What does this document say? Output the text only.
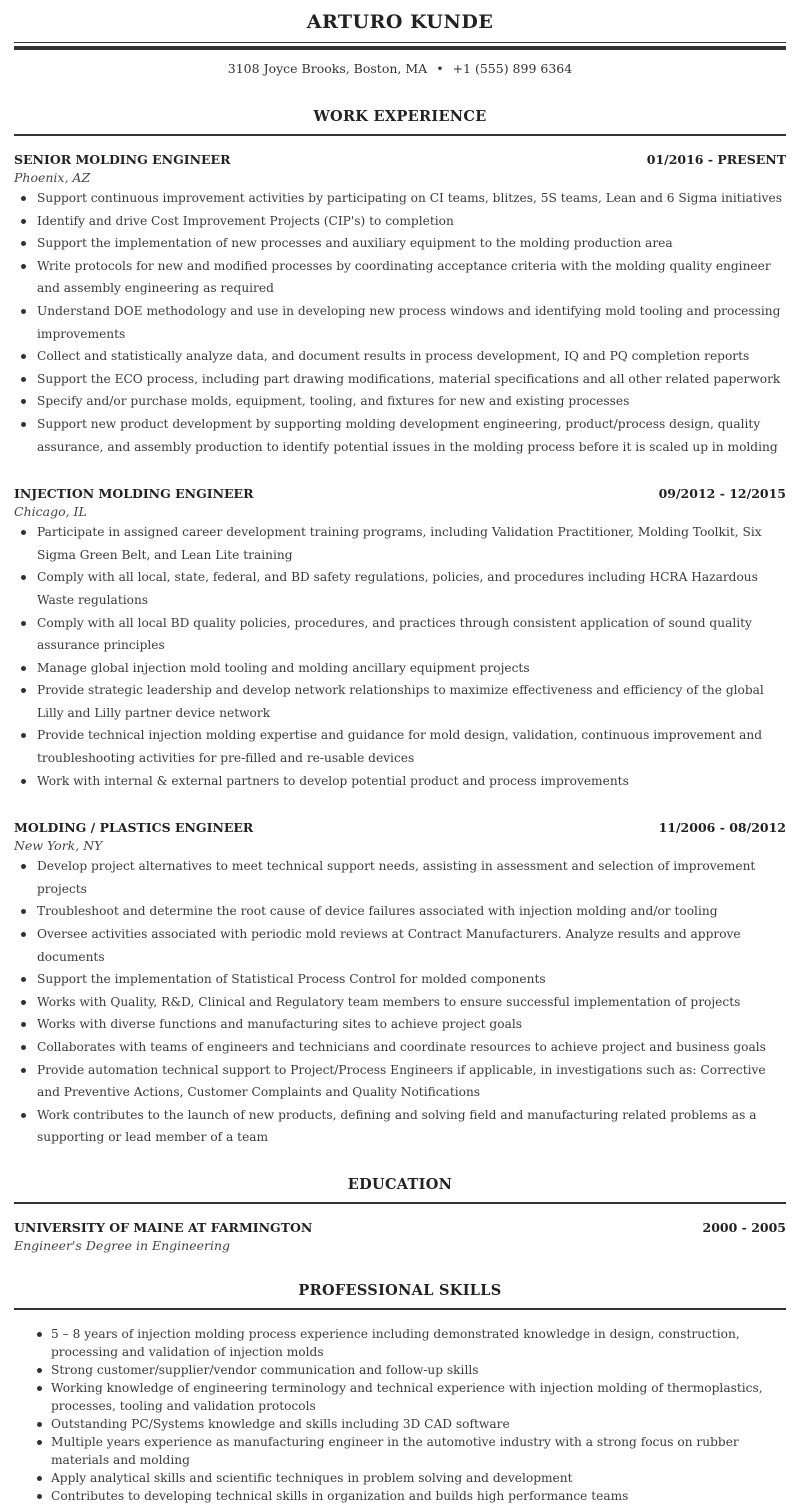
ARTURO KUNDE
3108 Joyce Brooks, Boston, MA • +1 (555) 899 6364
WORK EXPERIENCE
SENIOR MOLDING ENGINEER	01/2016 - PRESENT
Phoenix, AZ
Support continuous improvement activities by participating on CI teams, blitzes, 5S teams, Lean and 6 Sigma initiatives
Identify and drive Cost Improvement Projects (CIP's) to completion
Support the implementation of new processes and auxiliary equipment to the molding production area
Write protocols for new and modified processes by coordinating acceptance criteria with the molding quality engineer and assembly engineering as required
Understand DOE methodology and use in developing new process windows and identifying mold tooling and processing improvements
Collect and statistically analyze data, and document results in process development, IQ and PQ completion reports
Support the ECO process, including part drawing modifications, material specifications and all other related paperwork
Specify and/or purchase molds, equipment, tooling, and fixtures for new and existing processes
Support new product development by supporting molding development engineering, product/process design, quality assurance, and assembly production to identify potential issues in the molding process before it is scaled up in molding
INJECTION MOLDING ENGINEER	09/2012 - 12/2015
Chicago, IL
Participate in assigned career development training programs, including Validation Practitioner, Molding Toolkit, Six Sigma Green Belt, and Lean Lite training
Comply with all local, state, federal, and BD safety regulations, policies, and procedures including HCRA Hazardous Waste regulations
Comply with all local BD quality policies, procedures, and practices through consistent application of sound quality assurance principles
Manage global injection mold tooling and molding ancillary equipment projects
Provide strategic leadership and develop network relationships to maximize effectiveness and efficiency of the global Lilly and Lilly partner device network
Provide technical injection molding expertise and guidance for mold design, validation, continuous improvement and troubleshooting activities for pre-filled and re-usable devices
Work with internal & external partners to develop potential product and process improvements
MOLDING / PLASTICS ENGINEER	11/2006 - 08/2012
New York, NY
Develop project alternatives to meet technical support needs, assisting in assessment and selection of improvement projects
Troubleshoot and determine the root cause of device failures associated with injection molding and/or tooling
Oversee activities associated with periodic mold reviews at Contract Manufacturers. Analyze results and approve documents
Support the implementation of Statistical Process Control for molded components
Works with Quality, R&D, Clinical and Regulatory team members to ensure successful implementation of projects
Works with diverse functions and manufacturing sites to achieve project goals
Collaborates with teams of engineers and technicians and coordinate resources to achieve project and business goals
Provide automation technical support to Project/Process Engineers if applicable, in investigations such as: Corrective and Preventive Actions, Customer Complaints and Quality Notifications
Work contributes to the launch of new products, defining and solving field and manufacturing related problems as a supporting or lead member of a team
EDUCATION
UNIVERSITY OF MAINE AT FARMINGTON	2000 - 2005
Engineer's Degree in Engineering
PROFESSIONAL SKILLS
5 – 8 years of injection molding process experience including demonstrated knowledge in design, construction, processing and validation of injection molds
Strong customer/supplier/vendor communication and follow-up skills
Working knowledge of engineering terminology and technical experience with injection molding of thermoplastics, processes, tooling and validation protocols
Outstanding PC/Systems knowledge and skills including 3D CAD software
Multiple years experience as manufacturing engineer in the automotive industry with a strong focus on rubber materials and molding
Apply analytical skills and scientific techniques in problem solving and development
Contributes to developing technical skills in organization and builds high performance teams
